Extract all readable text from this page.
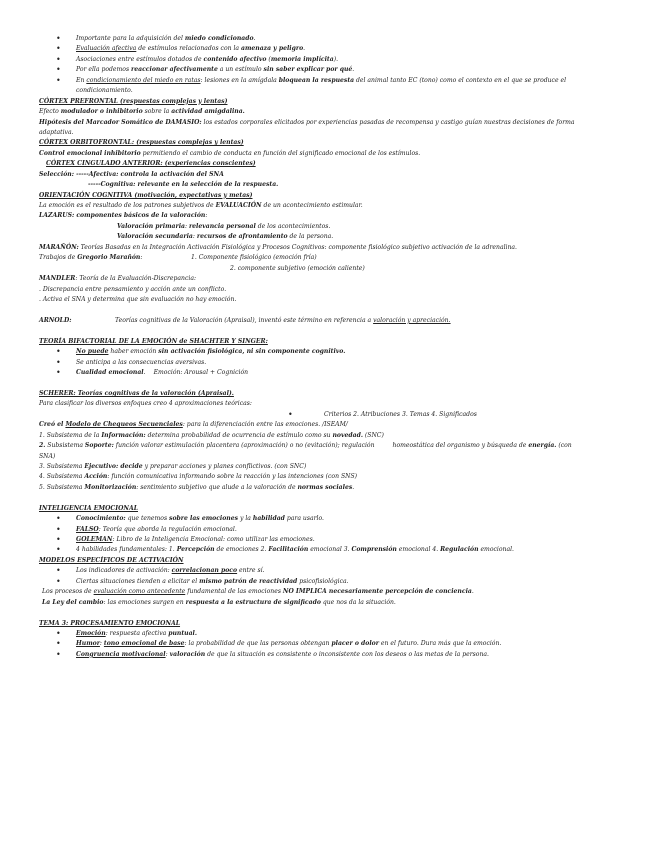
• Importante para la adquisición del miedo condicionado.
• Evaluación afectiva de estímulos relacionados con la amenaza y peligro.
• Asociaciones entre estímulos dotados de contenido afectivo (memoria implícita).
• Por ella podemos reaccionar afectivamente a un estímulo sin saber explicar por qué.
• En condicionamiento del miedo en ratas: lesiones en la amígdala bloquean la respuesta del animal tanto EC (tono) como el contexto en el que se produce el
condicionamiento.
CÓRTEX PREFRONTAL (respuestas complejas y lentas)
Efecto modulador o inhibitorio sobre la actividad amigdalina.
Hipótesis del Marcador Somático de DAMASIO: los estados corporales elicitados por experiencias pasadas de recompensa y castigo guían nuestras decisiones de forma
adaptativa.
CÓRTEX ORBITOFRONTAL: (respuestas complejas y lentas)
Control emocional inhibitorio permitiendo el cambio de conducta en función del significado emocional de los estímulos.
CÓRTEX CINGULADO ANTERIOR: (experiencias conscientes)
Selección: -----Afectiva: controla la activación del SNA
-----Cognitiva: relevante en la selección de la respuesta.
ORIENTACIÓN COGNITIVA (motivación, expectativas y metas)
La emoción es el resultado de los patrones subjetivos de EVALUACIÓN de un acontecimiento estimular.
LAZARUS: componentes básicos de la valoración:
Valoración primaria: relevancia personal de los acontecimientos.
Valoración secundaria: recursos de afrontamiento de la persona.
MARAÑÓN: Teorías Basadas en la Integración Activación Fisiológica y Procesos Cognitivos: componente fisiológico subjetivo activación de la adrenalina.
Trabajos de Gregorio Marañón:	1. Componente fisiológico (emoción fría)
2. componente subjetivo (emoción caliente)
MANDLER: Teoría de la Evaluación-Discrepancia:
. Discrepancia entre pensamiento y acción ante un conflicto.
. Activa el SNA y determina que sin evaluación no hay emoción.
ARNOLD:	Teorías cognitivas de la Valoración (Apraisal), inventó este término en referencia a valoración y apreciación.
TEORÍA BIFACTORIAL DE LA EMOCIÓN de SHACHTER Y SINGER:
• No puede haber emoción sin activación fisiológica, ni sin componente cognitivo.
• Se anticipa a las consecuencias aversivas.
• Cualidad emocional. Emoción: Arousal + Cognición
SCHERER: Teorías cognitivas de la valoración (Apraisal).
Para clasificar los diversos enfoques creo 4 aproximaciones teóricas:
•	Criterios 2. Atribuciones 3. Temas 4. Significados
Creó el Modelo de Chequeos Secuenciales: para la diferenciación entre las emociones. /ISEAM/
1. Subsistema de la Información: determina probabilidad de ocurrencia de estímulo como su novedad. (SNC)
2. Subsistema Soporte: función valorar estimulación placentera (aproximación) o no (evitación); regulación	homeostática del organismo y búsqueda de energía. (con
SNA)
3. Subsistema Ejecutivo: decide y preparar acciones y planes conflictivos. (con SNC)
4. Subsistema Acción: función comunicativa informando sobre la reacción y las intenciones (con SNS)
5. Subsistema Monitorización: sentimiento subjetivo que alude a la valoración de normas sociales.
INTELIGENCIA EMOCIONAL
• Conocimiento: que tenemos sobre las emociones y la habilidad para usarlo.
• FALSO: Teoría que aborda la regulación emocional.
• GOLEMAN: Libro de la Inteligencia Emocional: como utilizar las emociones.
• 4 habilidades fundamentales: 1. Percepción de emociones 2. Facilitación emocional 3. Comprensión emocional 4. Regulación emocional.
MODELOS ESPECÍFICOS DE ACTIVACIÓN
• Los indicadores de activación: correlacionan poco entre sí.
• Ciertas situaciones tienden a elicitar el mismo patrón de reactividad psicofisiológica.
Los procesos de evaluación como antecedente fundamental de las emociones NO IMPLICA necesariamente percepción de conciencia.
La Ley del cambio: las emociones surgen en respuesta a la estructura de significado que nos da la situación.
TEMA 3: PROCESAMIENTO EMOCIONAL
• Emoción: respuesta afectiva puntual.
• Humor: tono emocional de base: la probabilidad de que las personas obtengan placer o dolor en el futuro. Dura más que la emoción.
• Congruencia motivacional: valoración de que la situación es consistente o inconsistente con los deseos o las metas de la persona.
